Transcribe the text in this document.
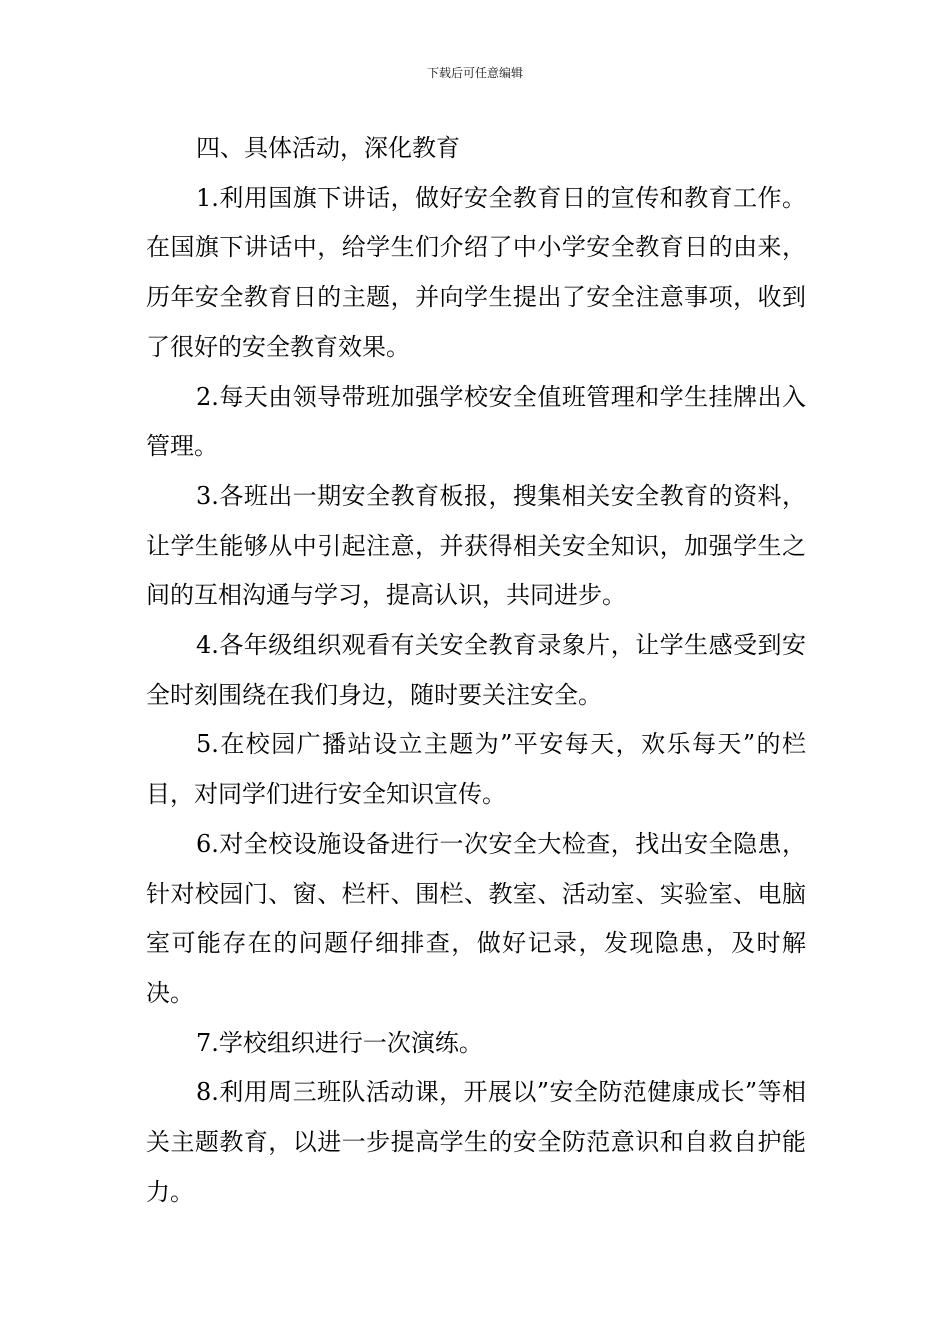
下载后可任意编辑

四、具体活动，深化教育

1.利用国旗下讲话，做好安全教育日的宣传和教育工作。在国旗下讲话中，给学生们介绍了中小学安全教育日的由来，历年安全教育日的主题，并向学生提出了安全注意事项，收到了很好的安全教育效果。

2.每天由领导带班加强学校安全值班管理和学生挂牌出入管理。

3.各班出一期安全教育板报，搜集相关安全教育的资料，让学生能够从中引起注意，并获得相关安全知识，加强学生之间的互相沟通与学习，提高认识，共同进步。

4.各年级组织观看有关安全教育录象片，让学生感受到安全时刻围绕在我们身边，随时要关注安全。

5.在校园广播站设立主题为”平安每天，欢乐每天”的栏目，对同学们进行安全知识宣传。

6.对全校设施设备进行一次安全大检查，找出安全隐患，针对校园门、窗、栏杆、围栏、教室、活动室、实验室、电脑室可能存在的问题仔细排查，做好记录，发现隐患，及时解决。

7.学校组织进行一次演练。

8.利用周三班队活动课，开展以”安全防范健康成长”等相关主题教育，以进一步提高学生的安全防范意识和自救自护能力。
